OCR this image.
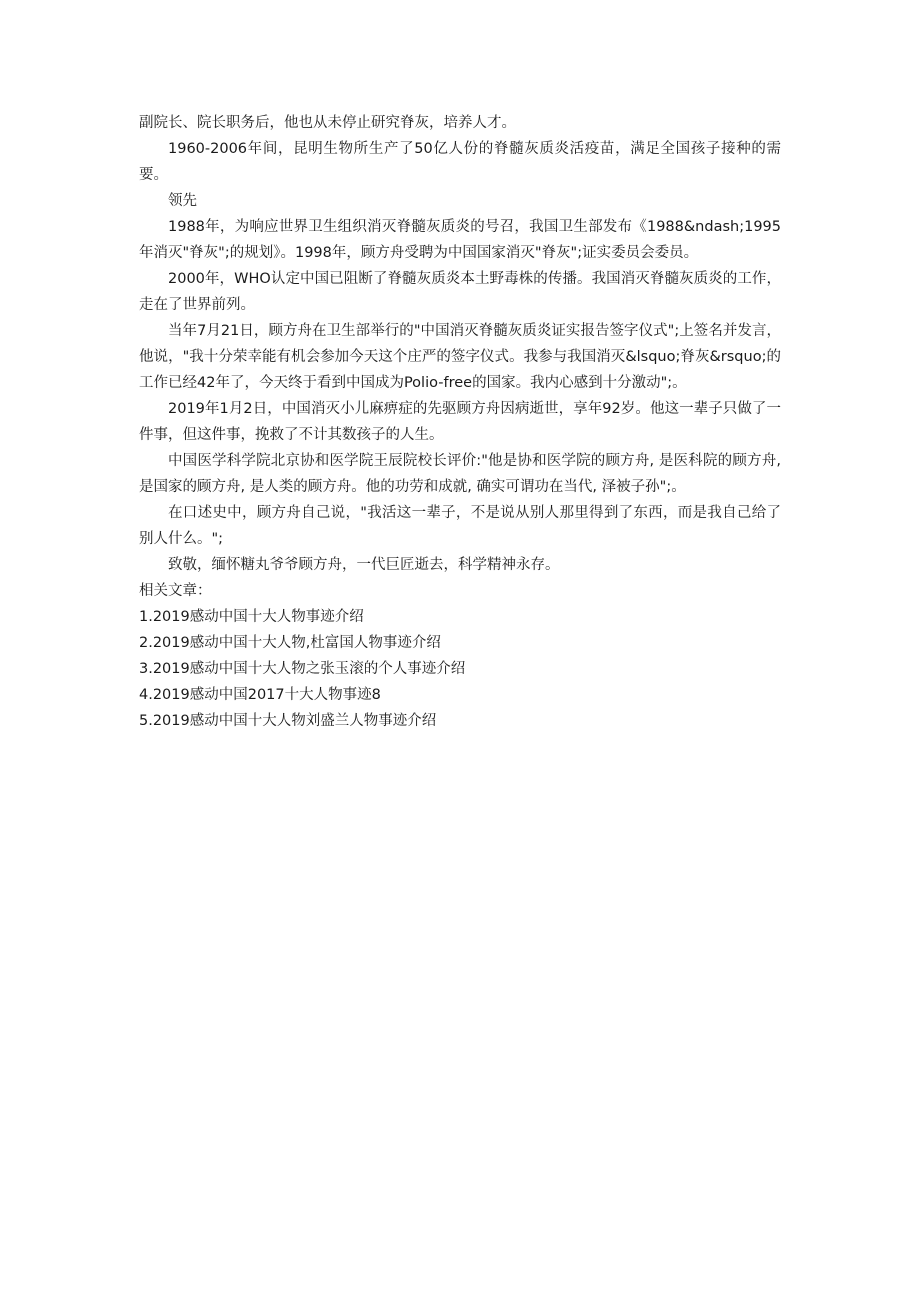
副院长、院长职务后，他也从未停止研究脊灰，培养人才。

1960-2006年间，昆明生物所生产了50亿人份的脊髓灰质炎活疫苗，满足全国孩子接种的需要。

领先

1988年，为响应世界卫生组织消灭脊髓灰质炎的号召，我国卫生部发布《1988&ndash;1995年消灭"脊灰";的规划》。1998年，顾方舟受聘为中国国家消灭"脊灰";证实委员会委员。

2000年，WHO认定中国已阻断了脊髓灰质炎本土野毒株的传播。我国消灭脊髓灰质炎的工作，走在了世界前列。

当年7月21日，顾方舟在卫生部举行的"中国消灭脊髓灰质炎证实报告签字仪式";上签名并发言，他说，"我十分荣幸能有机会参加今天这个庄严的签字仪式。我参与我国消灭&lsquo;脊灰&rsquo;的工作已经42年了，今天终于看到中国成为Polio-free的国家。我内心感到十分激动";。

2019年1月2日，中国消灭小儿麻痹症的先驱顾方舟因病逝世，享年92岁。他这一辈子只做了一件事，但这件事，挽救了不计其数孩子的人生。

中国医学科学院北京协和医学院王辰院校长评价:"他是协和医学院的顾方舟, 是医科院的顾方舟, 是国家的顾方舟, 是人类的顾方舟。他的功劳和成就, 确实可谓功在当代, 泽被子孙";。

在口述史中，顾方舟自己说，"我活这一辈子，不是说从别人那里得到了东西，而是我自己给了别人什么。";

致敬，缅怀糖丸爷爷顾方舟，一代巨匠逝去，科学精神永存。

相关文章：

1.2019感动中国十大人物事迹介绍
2.2019感动中国十大人物,杜富国人物事迹介绍
3.2019感动中国十大人物之张玉滚的个人事迹介绍
4.2019感动中国2017十大人物事迹8
5.2019感动中国十大人物刘盛兰人物事迹介绍
